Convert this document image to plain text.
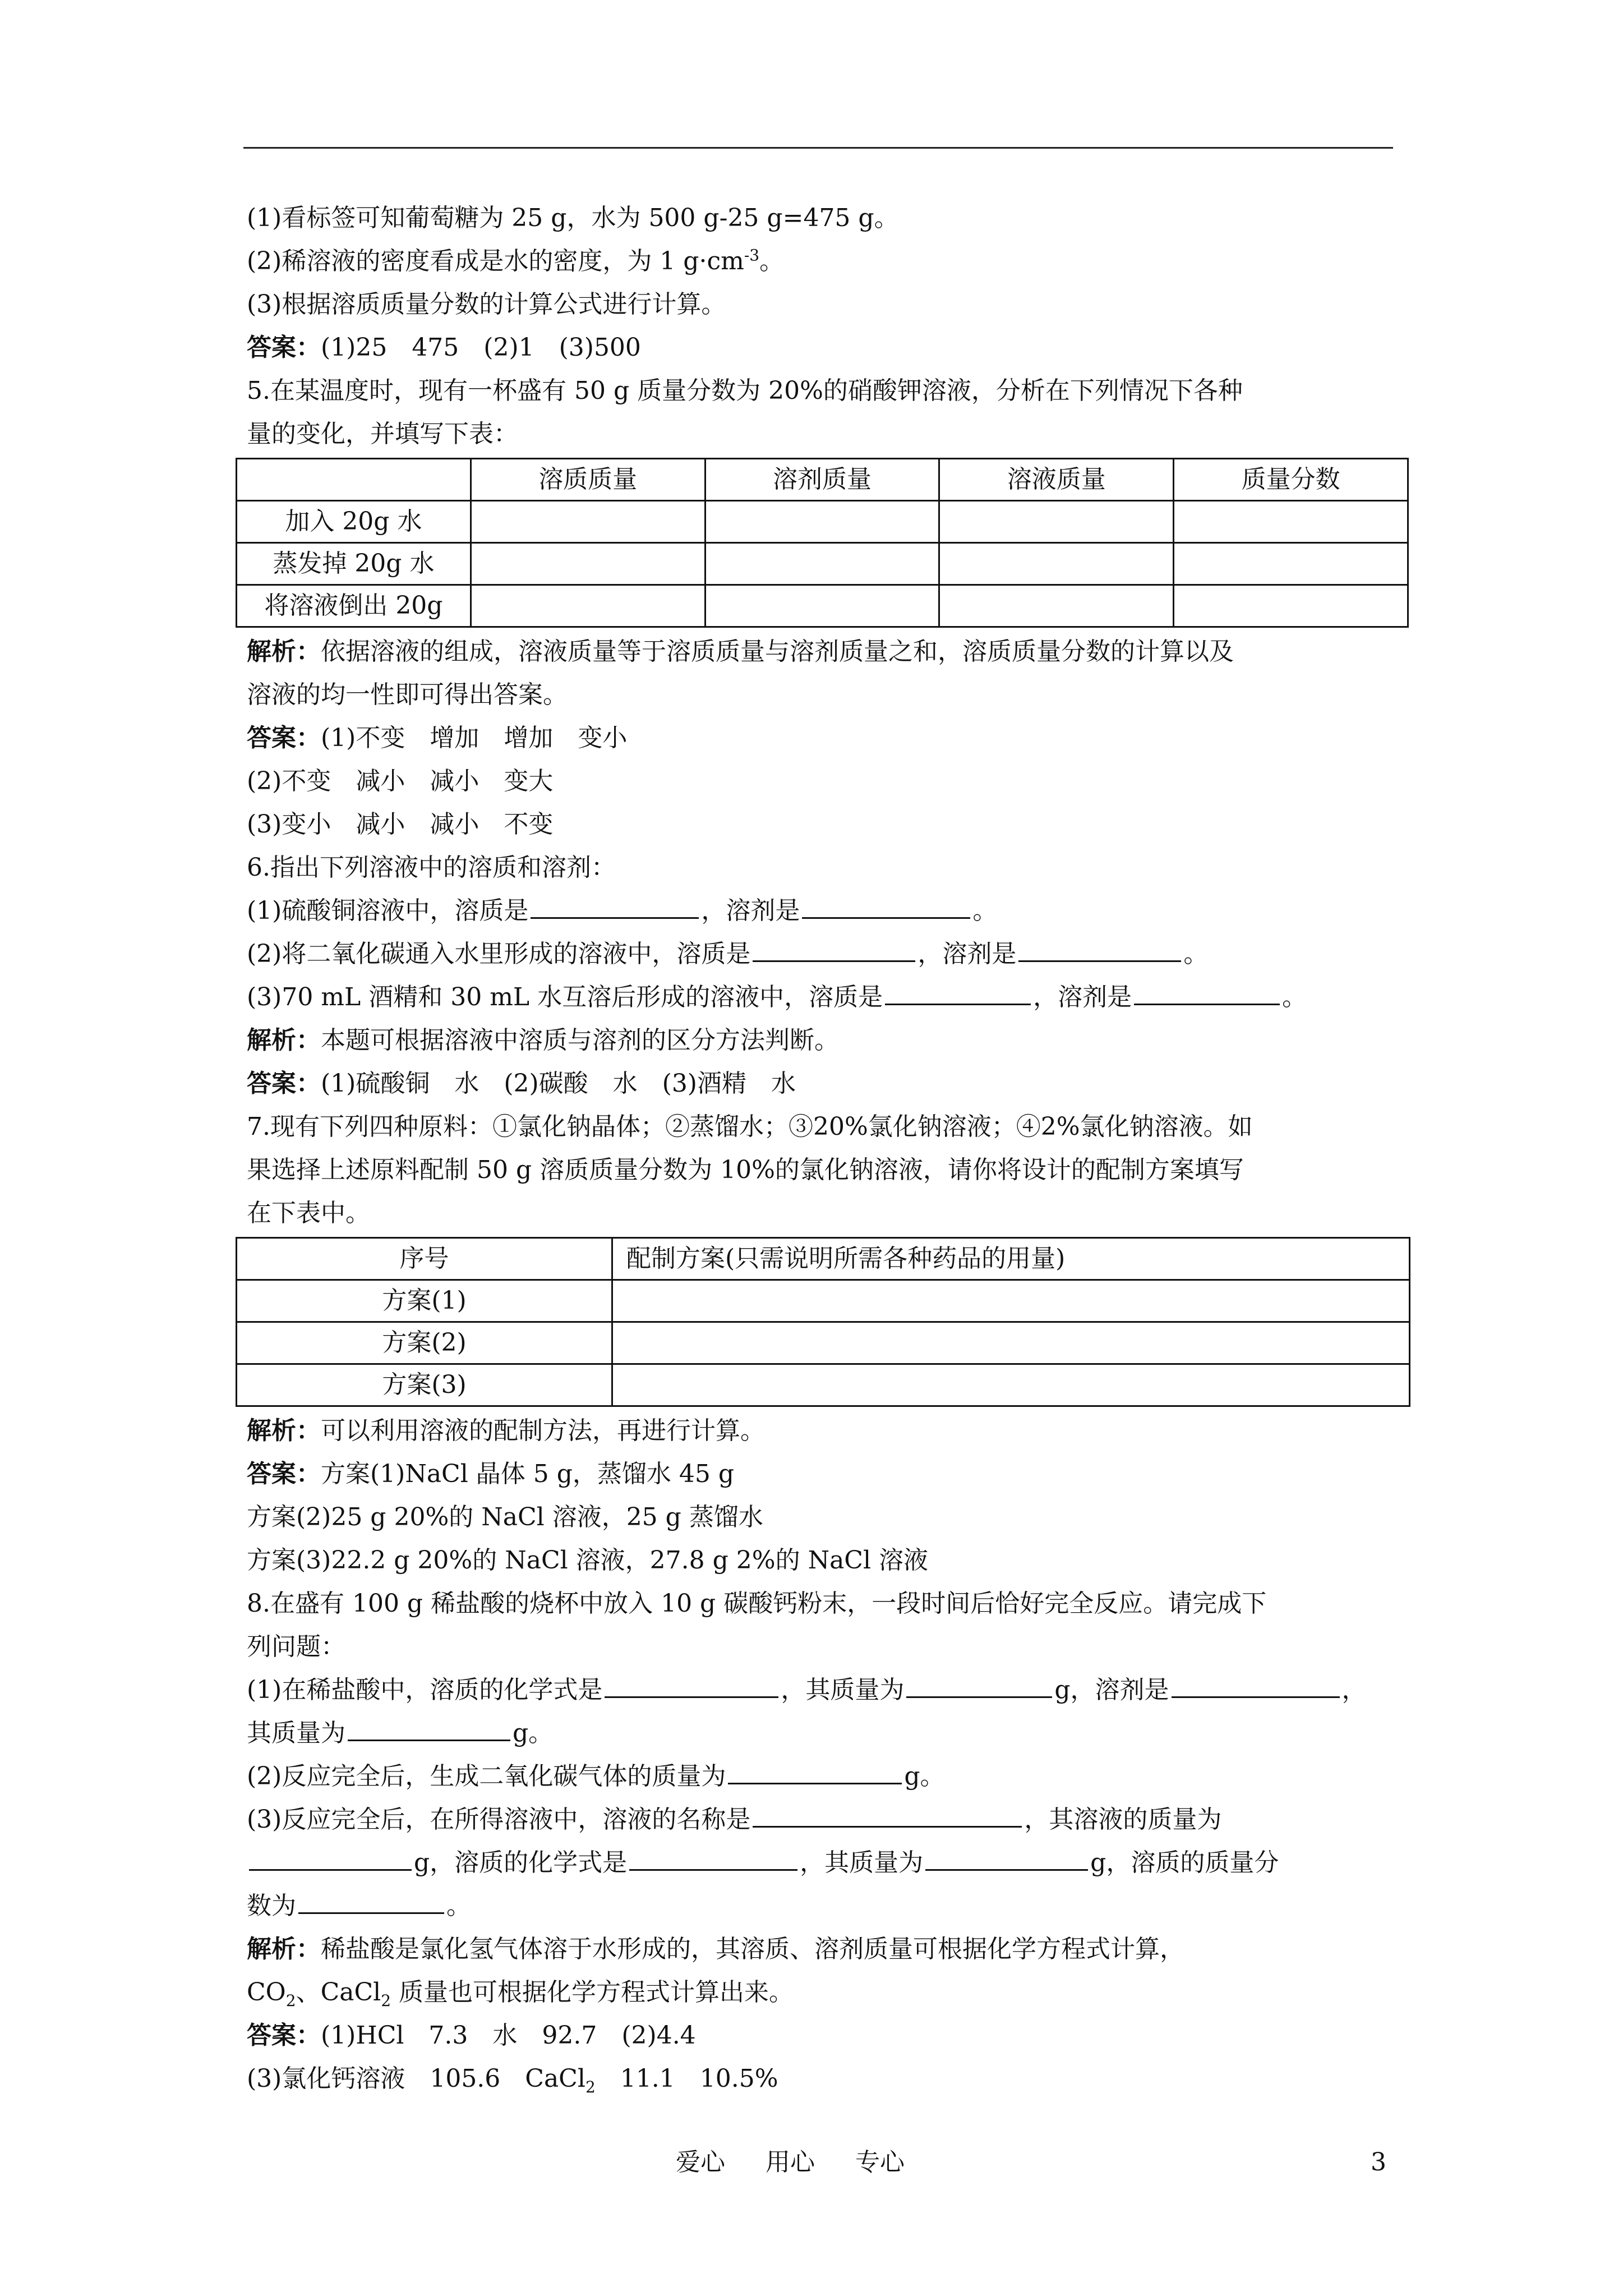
(1)看标签可知葡萄糖为 25 g，水为 500 g-25 g=475 g。
(2)稀溶液的密度看成是水的密度，为 1 $g\cdot cm^{-3}$。
(3)根据溶质质量分数的计算公式进行计算。
答案：(1)25　475　(2)1　(3)500
5.在某温度时，现有一杯盛有 50 g 质量分数为 20%的硝酸钾溶液，分析在下列情况下各种
量的变化，并填写下表：
	溶质质量	溶剂质量	溶液质量	质量分数
加入 20g 水				
蒸发掉 20g 水				
将溶液倒出 20g				
解析：依据溶液的组成，溶液质量等于溶质质量与溶剂质量之和，溶质质量分数的计算以及
溶液的均一性即可得出答案。
答案：(1)不变　增加　增加　变小
(2)不变　减小　减小　变大
(3)变小　减小　减小　不变
6.指出下列溶液中的溶质和溶剂：
(1)硫酸铜溶液中，溶质是	，溶剂是	。
(2)将二氧化碳通入水里形成的溶液中，溶质是	，溶剂是	。
(3)70 mL 酒精和 30 mL 水互溶后形成的溶液中，溶质是	，溶剂是	。
解析：本题可根据溶液中溶质与溶剂的区分方法判断。
答案：(1)硫酸铜　水　(2)碳酸　水　(3)酒精　水
7.现有下列四种原料：①氯化钠晶体；②蒸馏水；③20%氯化钠溶液；④2%氯化钠溶液。如
果选择上述原料配制 50 g 溶质质量分数为 10%的氯化钠溶液，请你将设计的配制方案填写
在下表中。
序号	配制方案(只需说明所需各种药品的用量)
方案(1)	
方案(2)	
方案(3)	
解析：可以利用溶液的配制方法，再进行计算。
答案：方案(1)NaCl 晶体 5 g，蒸馏水 45 g
方案(2)25 g 20%的 NaCl 溶液，25 g 蒸馏水
方案(3)22.2 g 20%的 NaCl 溶液，27.8 g 2%的 NaCl 溶液
8.在盛有 100 g 稀盐酸的烧杯中放入 10 g 碳酸钙粉末，一段时间后恰好完全反应。请完成下
列问题：
(1)在稀盐酸中，溶质的化学式是	，其质量为	g，溶剂是	，
其质量为	g。
(2)反应完全后，生成二氧化碳气体的质量为	g。
(3)反应完全后，在所得溶液中，溶液的名称是	，其溶液的质量为
g，溶质的化学式是	，其质量为	g，溶质的质量分
数为	。
解析：稀盐酸是氯化氢气体溶于水形成的，其溶质、溶剂质量可根据化学方程式计算，
$CO_2$、CaCl$_2$ 质量也可根据化学方程式计算出来。
答案：(1)HCl　7.3　水　92.7　(2)4.4
(3)氯化钙溶液　105.6　CaCl$_2$　11.1　10.5%
爱心 用心 专心	3
